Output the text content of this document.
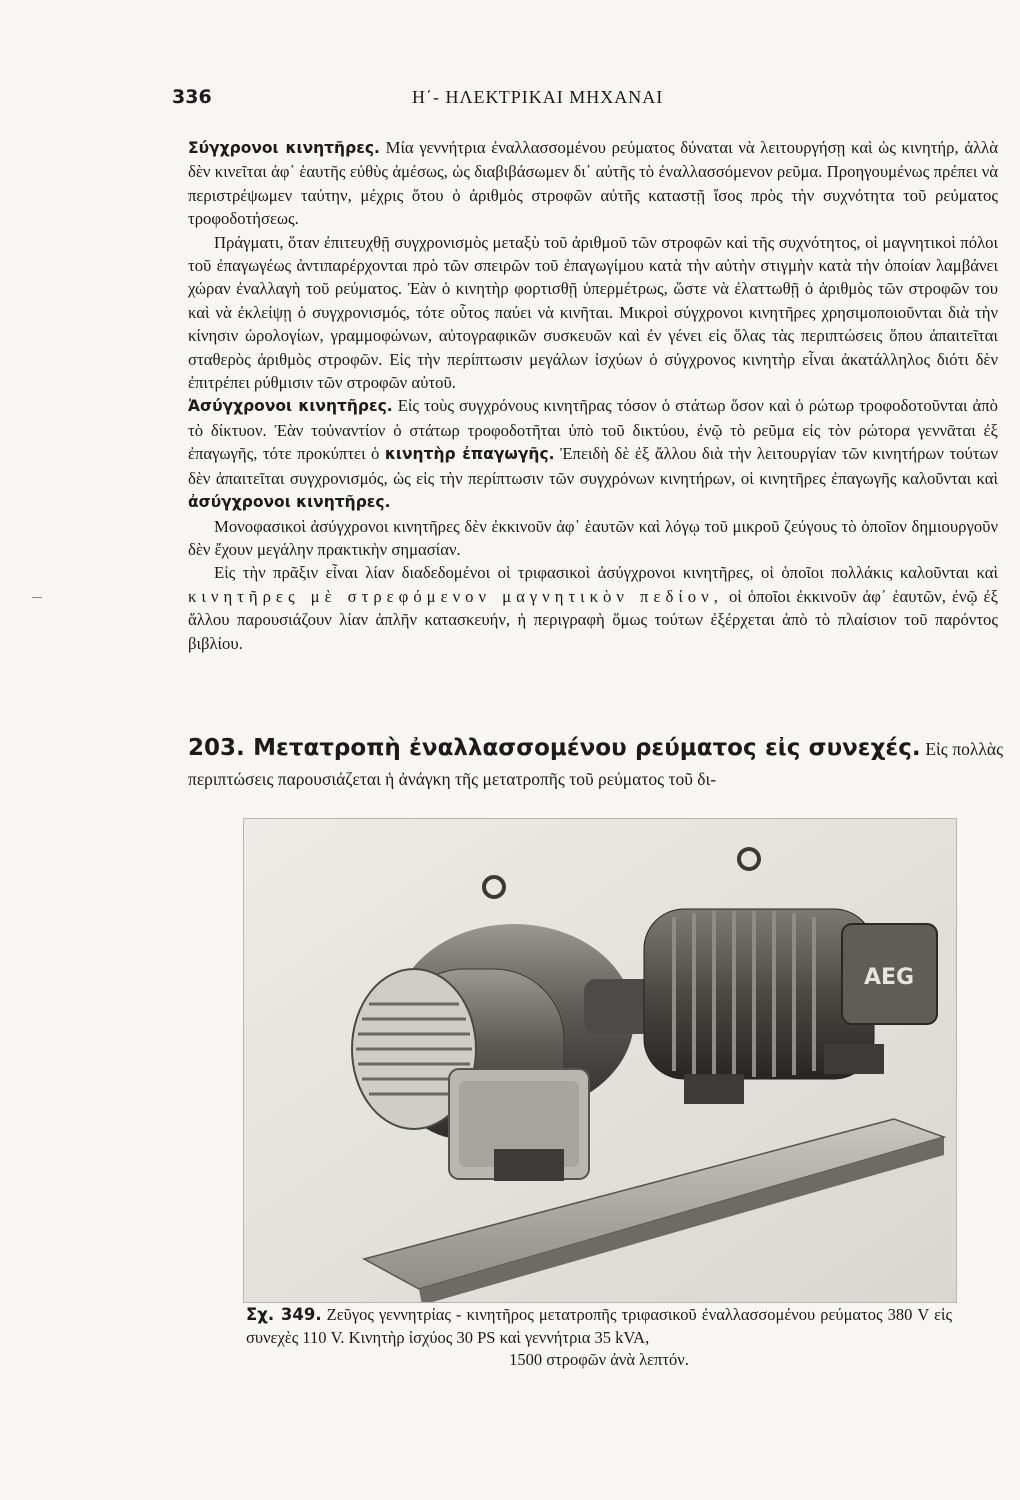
336	Η΄- ΗΛΕΚΤΡΙΚΑΙ ΜΗΧΑΝΑΙ

Σύγχρονοι κινητῆρες. Μία γεννήτρια ἐναλλασσομένου ρεύματος δύναται νὰ λειτουργήσῃ καὶ ὡς κινητήρ, ἀλλὰ δὲν κινεῖται ἀφ᾽ ἑαυτῆς εὐθὺς ἀμέσως, ὡς διαβιβάσωμεν δι᾽ αὐτῆς τὸ ἐναλλασσόμενον ρεῦμα. Προηγουμένως πρέπει νὰ περιστρέψωμεν ταύτην, μέχρις ὅτου ὁ ἀριθμὸς στροφῶν αὐτῆς καταστῇ ἴσος πρὸς τὴν συχνότητα τοῦ ρεύματος τροφοδοτήσεως.

Πράγματι, ὅταν ἐπιτευχθῇ συγχρονισμὸς μεταξὺ τοῦ ἀριθμοῦ τῶν στροφῶν καὶ τῆς συχνότητος, οἱ μαγνητικοὶ πόλοι τοῦ ἐπαγωγέως ἀντιπαρέρχονται πρὸ τῶν σπειρῶν τοῦ ἐπαγωγίμου κατὰ τὴν αὐτὴν στιγμὴν κατὰ τὴν ὁποίαν λαμβάνει χώραν ἐναλλαγὴ τοῦ ρεύματος. Ἐὰν ὁ κινητὴρ φορτισθῇ ὑπερμέτρως, ὥστε νὰ ἐλαττωθῇ ὁ ἀριθμὸς τῶν στροφῶν του καὶ νὰ ἐκλείψῃ ὁ συγχρονισμός, τότε οὗτος παύει νὰ κινῆται. Μικροὶ σύγχρονοι κινητῆρες χρησιμοποιοῦνται διὰ τὴν κίνησιν ὡρολογίων, γραμμοφώνων, αὐτογραφικῶν συσκευῶν καὶ ἐν γένει εἰς ὅλας τὰς περιπτώσεις ὅπου ἀπαιτεῖται σταθερὸς ἀριθμὸς στροφῶν. Εἰς τὴν περίπτωσιν μεγάλων ἰσχύων ὁ σύγχρονος κινητὴρ εἶναι ἀκατάλληλος διότι δὲν ἐπιτρέπει ρύθμισιν τῶν στροφῶν αὐτοῦ.

Ἀσύγχρονοι κινητῆρες. Εἰς τοὺς συγχρόνους κινητῆρας τόσον ὁ στάτωρ ὅσον καὶ ὁ ρώτωρ τροφοδοτοῦνται ἀπὸ τὸ δίκτυον. Ἐὰν τοὐναντίον ὁ στάτωρ τροφοδοτῆται ὑπὸ τοῦ δικτύου, ἐνῷ τὸ ρεῦμα εἰς τὸν ρώτορα γεννᾶται ἐξ ἐπαγωγῆς, τότε προκύπτει ὁ κινητὴρ ἐπαγωγῆς. Ἐπειδὴ δὲ ἐξ ἄλλου διὰ τὴν λειτουργίαν τῶν κινητήρων τούτων δὲν ἀπαιτεῖται συγχρονισμός, ὡς εἰς τὴν περίπτωσιν τῶν συγχρόνων κινητήρων, οἱ κινητῆρες ἐπαγωγῆς καλοῦνται καὶ ἀσύγχρονοι κινητῆρες.

Μονοφασικοὶ ἀσύγχρονοι κινητῆρες δὲν ἐκκινοῦν ἀφ᾽ ἑαυτῶν καὶ λόγῳ τοῦ μικροῦ ζεύγους τὸ ὁποῖον δημιουργοῦν δὲν ἔχουν μεγάλην πρακτικὴν σημασίαν.

Εἰς τὴν πρᾶξιν εἶναι λίαν διαδεδομένοι οἱ τριφασικοὶ ἀσύγχρονοι κινητῆρες, οἱ ὁποῖοι πολλάκις καλοῦνται καὶ κινητῆρες μὲ στρεφόμενον μαγνητικὸν πεδίον, οἱ ὁποῖοι ἐκκινοῦν ἀφ᾽ ἑαυτῶν, ἐνῷ ἐξ ἄλλου παρουσιάζουν λίαν ἁπλῆν κατασκευήν, ἡ περιγραφὴ ὅμως τούτων ἐξέρχεται ἀπὸ τὸ πλαίσιον τοῦ παρόντος βιβλίου.

203. Μετατροπὴ ἐναλλασσομένου ρεύματος εἰς συνεχές. Εἰς πολλὰς περιπτώσεις παρουσιάζεται ἡ ἀνάγκη τῆς μετατροπῆς τοῦ ρεύματος τοῦ δι-
AEG
Σχ. 349. Ζεῦγος γεννητρίας - κινητῆρος μετατροπῆς τριφασικοῦ ἐναλλασσομένου ρεύματος 380 V εἰς συνεχὲς 110 V. Κινητὴρ ἰσχύος 30 PS καὶ γεννήτρια 35 kVA,
1500 στροφῶν ἀνὰ λεπτόν.
